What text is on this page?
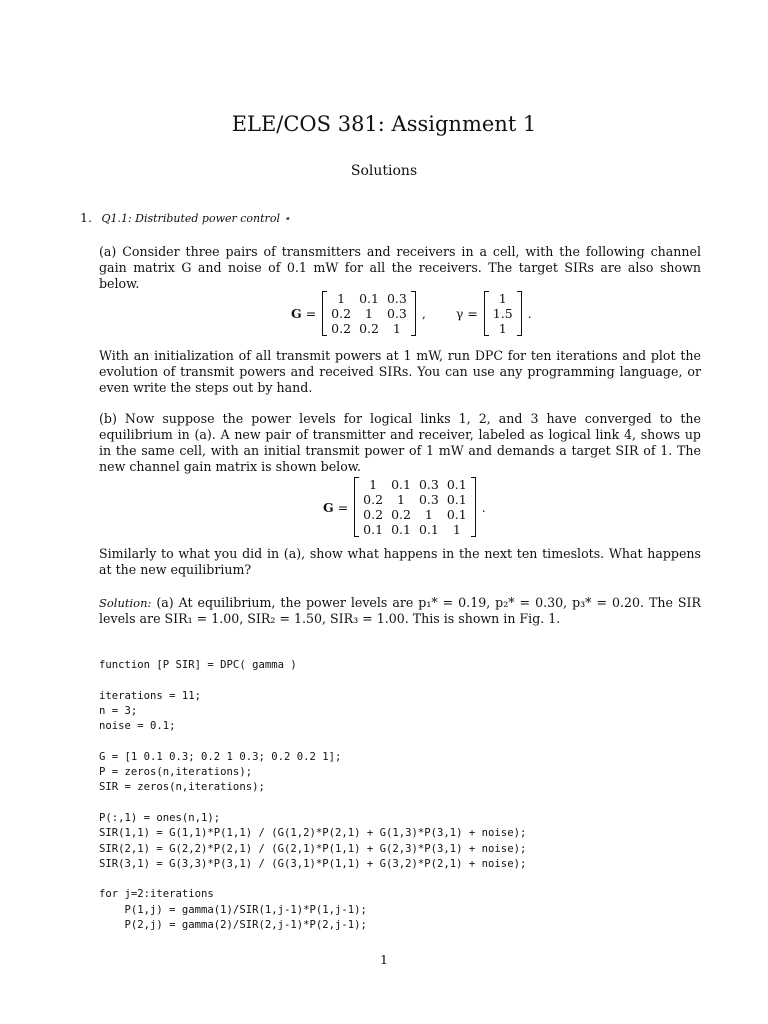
ELE/COS 381: Assignment 1
Solutions
1. Q1.1: Distributed power control ⋆
(a) Consider three pairs of transmitters and receivers in a cell, with the following channel gain matrix G and noise of 0.1 mW for all the receivers. The target SIRs are also shown below.
G =
1	0.1	0.3
0.2	1	0.3
0.2	0.2	1
, γ =
1
1.5
1
.
With an initialization of all transmit powers at 1 mW, run DPC for ten iterations and plot the evolution of transmit powers and received SIRs. You can use any programming language, or even write the steps out by hand.
(b) Now suppose the power levels for logical links 1, 2, and 3 have converged to the equilibrium in (a). A new pair of transmitter and receiver, labeled as logical link 4, shows up in the same cell, with an initial transmit power of 1 mW and demands a target SIR of 1. The new channel gain matrix is shown below.
G =
1	0.1	0.3	0.1
0.2	1	0.3	0.1
0.2	0.2	1	0.1
0.1	0.1	0.1	1
.
Similarly to what you did in (a), show what happens in the next ten timeslots. What happens at the new equilibrium?
Solution: (a) At equilibrium, the power levels are p₁* = 0.19, p₂* = 0.30, p₃* = 0.20. The SIR levels are SIR₁ = 1.00, SIR₂ = 1.50, SIR₃ = 1.00. This is shown in Fig. 1.
function [P SIR] = DPC( gamma )

iterations = 11;
n = 3;
noise = 0.1;

G = [1 0.1 0.3; 0.2 1 0.3; 0.2 0.2 1];
P = zeros(n,iterations);
SIR = zeros(n,iterations);

P(:,1) = ones(n,1);
SIR(1,1) = G(1,1)*P(1,1) / (G(1,2)*P(2,1) + G(1,3)*P(3,1) + noise);
SIR(2,1) = G(2,2)*P(2,1) / (G(2,1)*P(1,1) + G(2,3)*P(3,1) + noise);
SIR(3,1) = G(3,3)*P(3,1) / (G(3,1)*P(1,1) + G(3,2)*P(2,1) + noise);

for j=2:iterations
P(1,j) = gamma(1)/SIR(1,j-1)*P(1,j-1);
P(2,j) = gamma(2)/SIR(2,j-1)*P(2,j-1);
1
